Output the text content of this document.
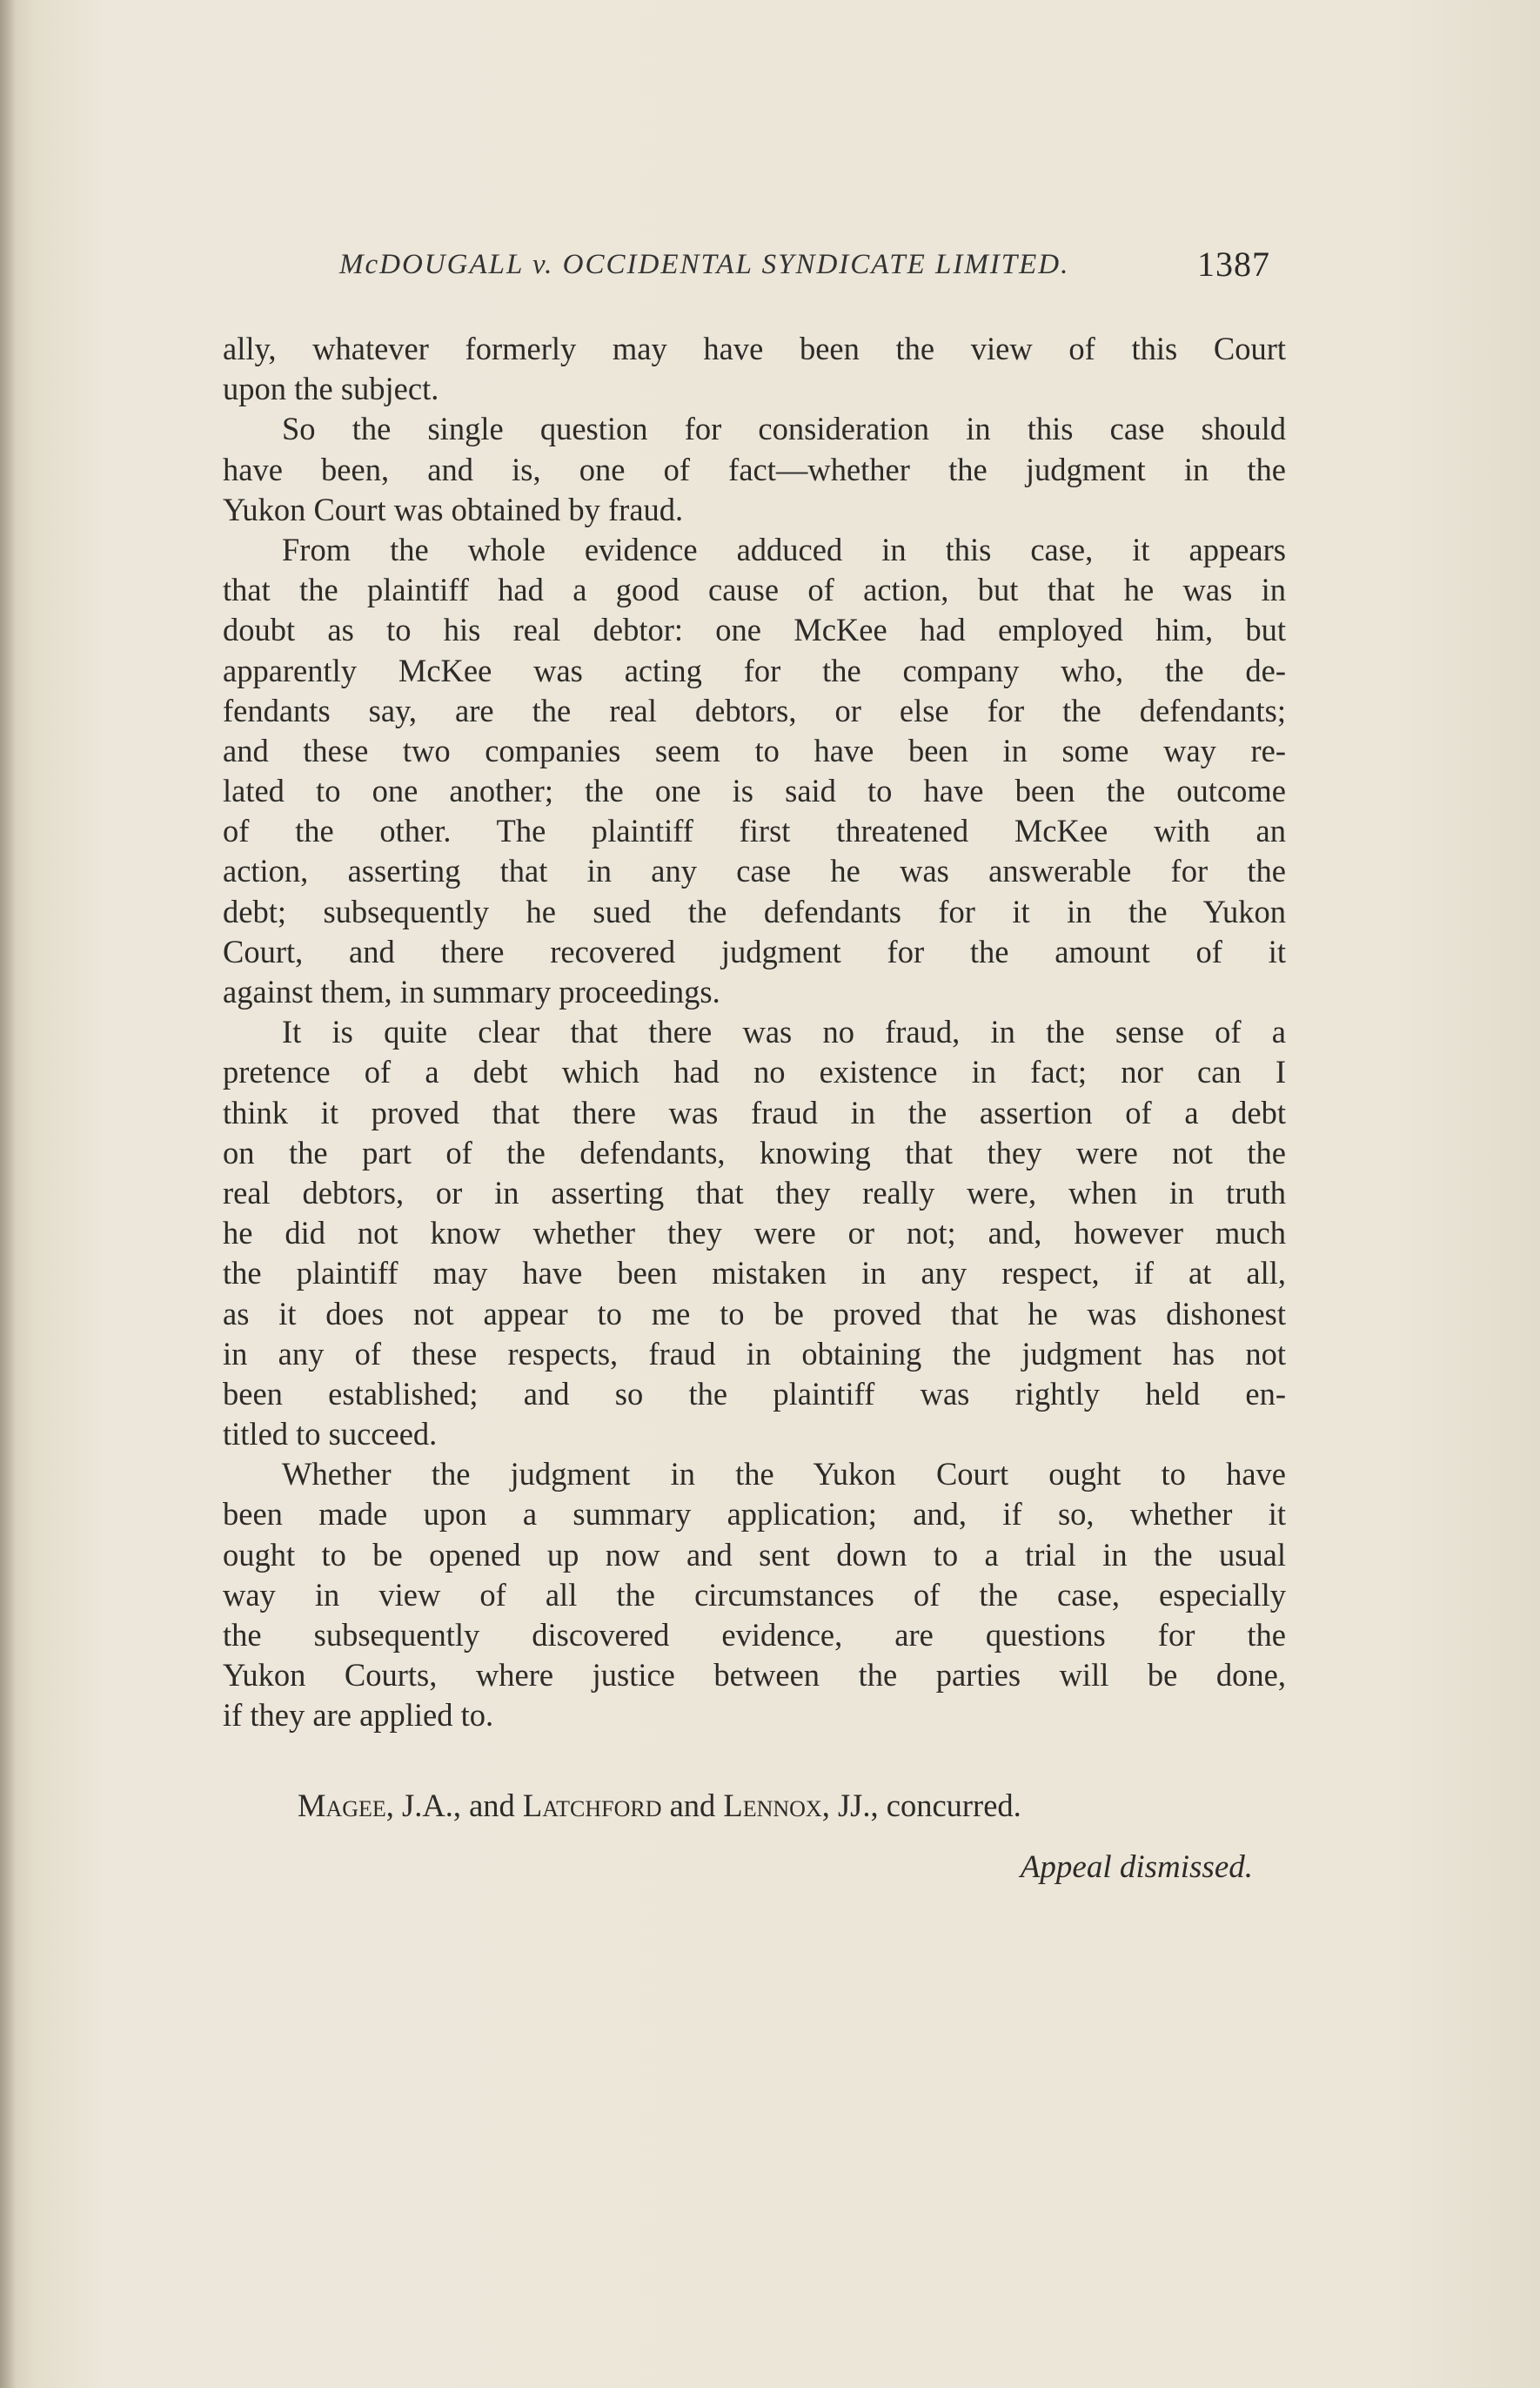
McDOUGALL v. OCCIDENTAL SYNDICATE LIMITED.	1387
ally, whatever formerly may have been the view of this Court
upon the subject.
So the single question for consideration in this case should
have been, and is, one of fact—whether the judgment in the
Yukon Court was obtained by fraud.
From the whole evidence adduced in this case, it appears
that the plaintiff had a good cause of action, but that he was in
doubt as to his real debtor: one McKee had employed him, but
apparently McKee was acting for the company who, the de-
fendants say, are the real debtors, or else for the defendants;
and these two companies seem to have been in some way re-
lated to one another; the one is said to have been the outcome
of the other. The plaintiff first threatened McKee with an
action, asserting that in any case he was answerable for the
debt; subsequently he sued the defendants for it in the Yukon
Court, and there recovered judgment for the amount of it
against them, in summary proceedings.
It is quite clear that there was no fraud, in the sense of a
pretence of a debt which had no existence in fact; nor can I
think it proved that there was fraud in the assertion of a debt
on the part of the defendants, knowing that they were not the
real debtors, or in asserting that they really were, when in truth
he did not know whether they were or not; and, however much
the plaintiff may have been mistaken in any respect, if at all,
as it does not appear to me to be proved that he was dishonest
in any of these respects, fraud in obtaining the judgment has not
been established; and so the plaintiff was rightly held en-
titled to succeed.
Whether the judgment in the Yukon Court ought to have
been made upon a summary application; and, if so, whether it
ought to be opened up now and sent down to a trial in the usual
way in view of all the circumstances of the case, especially
the subsequently discovered evidence, are questions for the
Yukon Courts, where justice between the parties will be done,
if they are applied to.
Magee, J.A., and Latchford and Lennox, JJ., concurred.
Appeal dismissed.
